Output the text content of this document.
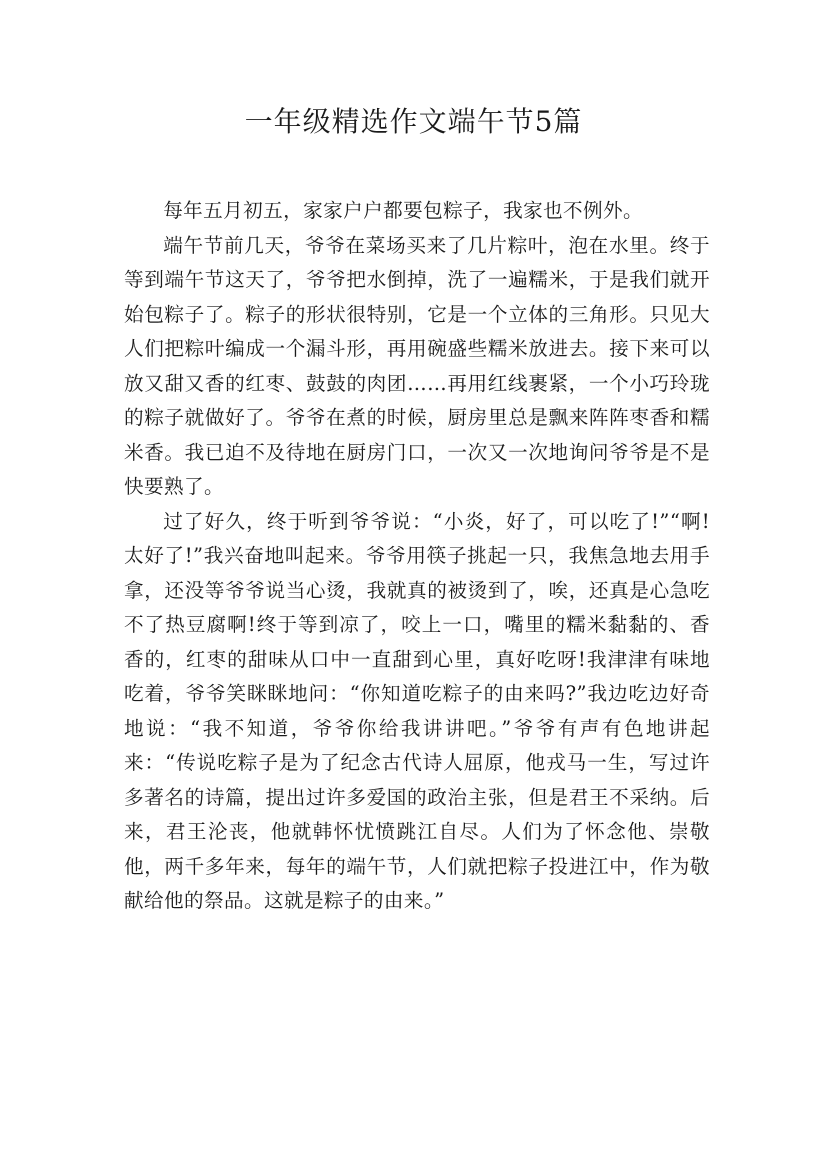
一年级精选作文端午节5篇

每年五月初五，家家户户都要包粽子，我家也不例外。

端午节前几天，爷爷在菜场买来了几片粽叶，泡在水里。终于等到端午节这天了，爷爷把水倒掉，洗了一遍糯米，于是我们就开始包粽子了。粽子的形状很特别，它是一个立体的三角形。只见大人们把粽叶编成一个漏斗形，再用碗盛些糯米放进去。接下来可以放又甜又香的红枣、鼓鼓的肉团……再用红线裹紧，一个小巧玲珑的粽子就做好了。爷爷在煮的时候，厨房里总是飘来阵阵枣香和糯米香。我已迫不及待地在厨房门口，一次又一次地询问爷爷是不是快要熟了。

过了好久，终于听到爷爷说：“小炎，好了，可以吃了!”“啊!太好了!”我兴奋地叫起来。爷爷用筷子挑起一只，我焦急地去用手拿，还没等爷爷说当心烫，我就真的被烫到了，唉，还真是心急吃不了热豆腐啊!终于等到凉了，咬上一口，嘴里的糯米黏黏的、香香的，红枣的甜味从口中一直甜到心里，真好吃呀!我津津有味地吃着，爷爷笑眯眯地问：“你知道吃粽子的由来吗?”我边吃边好奇地说：“我不知道，爷爷你给我讲讲吧。”爷爷有声有色地讲起来：“传说吃粽子是为了纪念古代诗人屈原，他戎马一生，写过许多著名的诗篇，提出过许多爱国的政治主张，但是君王不采纳。后来，君王沦丧，他就韩怀忧愤跳江自尽。人们为了怀念他、崇敬他，两千多年来，每年的端午节，人们就把粽子投进江中，作为敬献给他的祭品。这就是粽子的由来。”
